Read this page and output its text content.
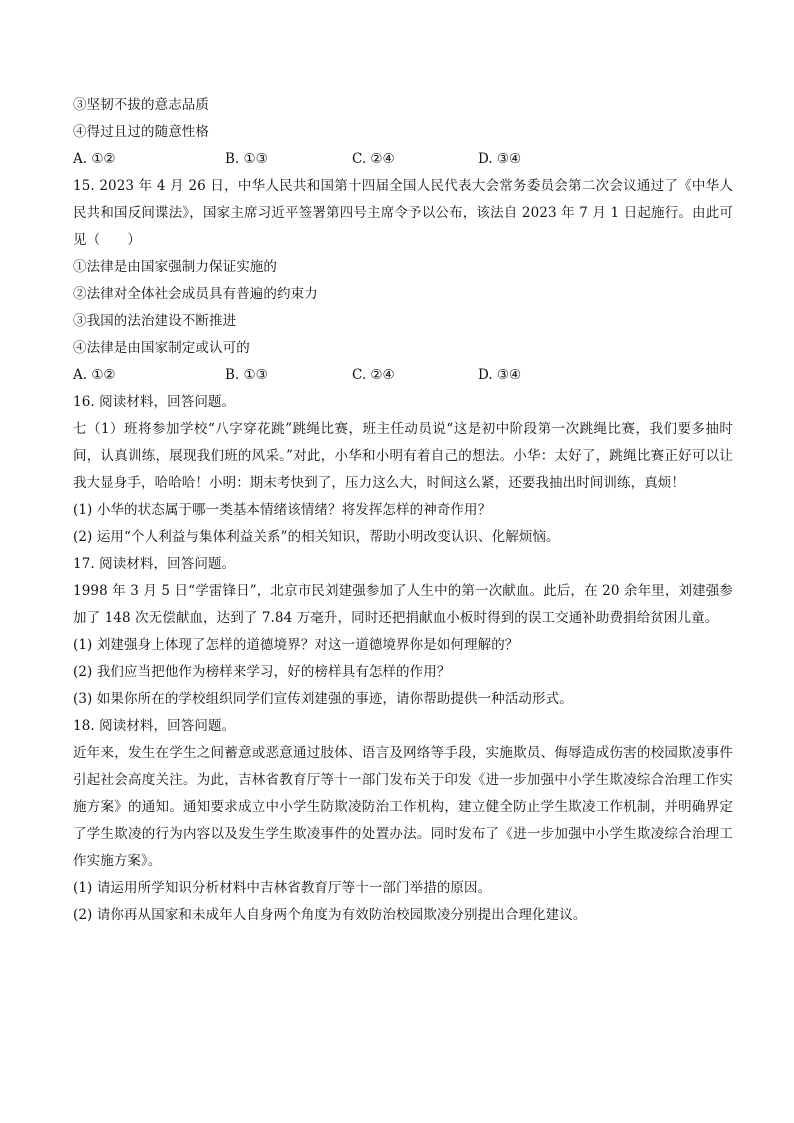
③坚韧不拔的意志品质
④得过且过的随意性格
A. ①②	B. ①③	C. ②④	D. ③④
15. 2023 年 4 月 26 日，中华人民共和国第十四届全国人民代表大会常务委员会第二次会议通过了《中华人民共和国反间谍法》，国家主席习近平签署第四号主席令予以公布，该法自 2023 年 7 月 1 日起施行。由此可见（　　）
①法律是由国家强制力保证实施的
②法律对全体社会成员具有普遍的约束力
③我国的法治建设不断推进
④法律是由国家制定或认可的
A. ①②	B. ①③	C. ②④	D. ③④
16. 阅读材料，回答问题。
七（1）班将参加学校“八字穿花跳”跳绳比赛，班主任动员说“这是初中阶段第一次跳绳比赛，我们要多抽时间，认真训练，展现我们班的风采。”对此，小华和小明有着自己的想法。小华：太好了，跳绳比赛正好可以让我大显身手，哈哈哈！小明：期末考快到了，压力这么大，时间这么紧，还要我抽出时间训练，真烦！
(1) 小华的状态属于哪一类基本情绪该情绪？将发挥怎样的神奇作用？
(2) 运用“个人利益与集体利益关系”的相关知识，帮助小明改变认识、化解烦恼。
17. 阅读材料，回答问题。
1998 年 3 月 5 日“学雷锋日”，北京市民刘建强参加了人生中的第一次献血。此后，在 20 余年里，刘建强参加了 148 次无偿献血，达到了 7.84 万毫升，同时还把捐献血小板时得到的误工交通补助费捐给贫困儿童。
(1) 刘建强身上体现了怎样的道德境界？对这一道德境界你是如何理解的？
(2) 我们应当把他作为榜样来学习，好的榜样具有怎样的作用？
(3) 如果你所在的学校组织同学们宣传刘建强的事迹，请你帮助提供一种活动形式。
18. 阅读材料，回答问题。
近年来，发生在学生之间蓄意或恶意通过肢体、语言及网络等手段，实施欺员、侮辱造成伤害的校园欺凌事件引起社会高度关注。为此，吉林省教育厅等十一部门发布关于印发《进一步加强中小学生欺凌综合治理工作实施方案》的通知。通知要求成立中小学生防欺凌防治工作机构，建立健全防止学生欺凌工作机制，并明确界定了学生欺凌的行为内容以及发生学生欺凌事件的处置办法。同时发布了《进一步加强中小学生欺凌综合治理工作实施方案》。
(1) 请运用所学知识分析材料中吉林省教育厅等十一部门举措的原因。
(2) 请你再从国家和未成年人自身两个角度为有效防治校园欺凌分别提出合理化建议。
